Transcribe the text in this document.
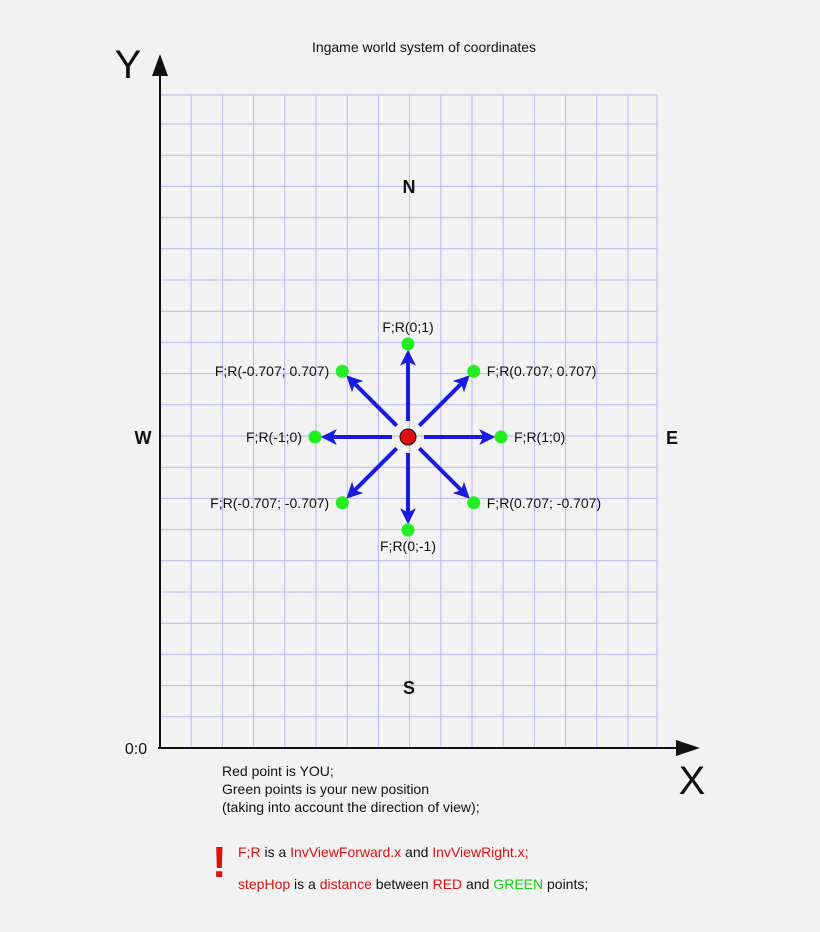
Ingame world system of coordinates
Y
X
0:0
N
S
W	E
F;R(0;1)
F;R(0.707; 0.707)
F;R(1;0)
F;R(0.707; -0.707)
F;R(0;-1)
F;R(-0.707; -0.707)
F;R(-1;0)
F;R(-0.707; 0.707)
Red point is YOU;
Green points is your new position
(taking into account the direction of view);
! F;R is a InvViewForward.x and InvViewRight.x;
stepHop is a distance between RED and GREEN points;
